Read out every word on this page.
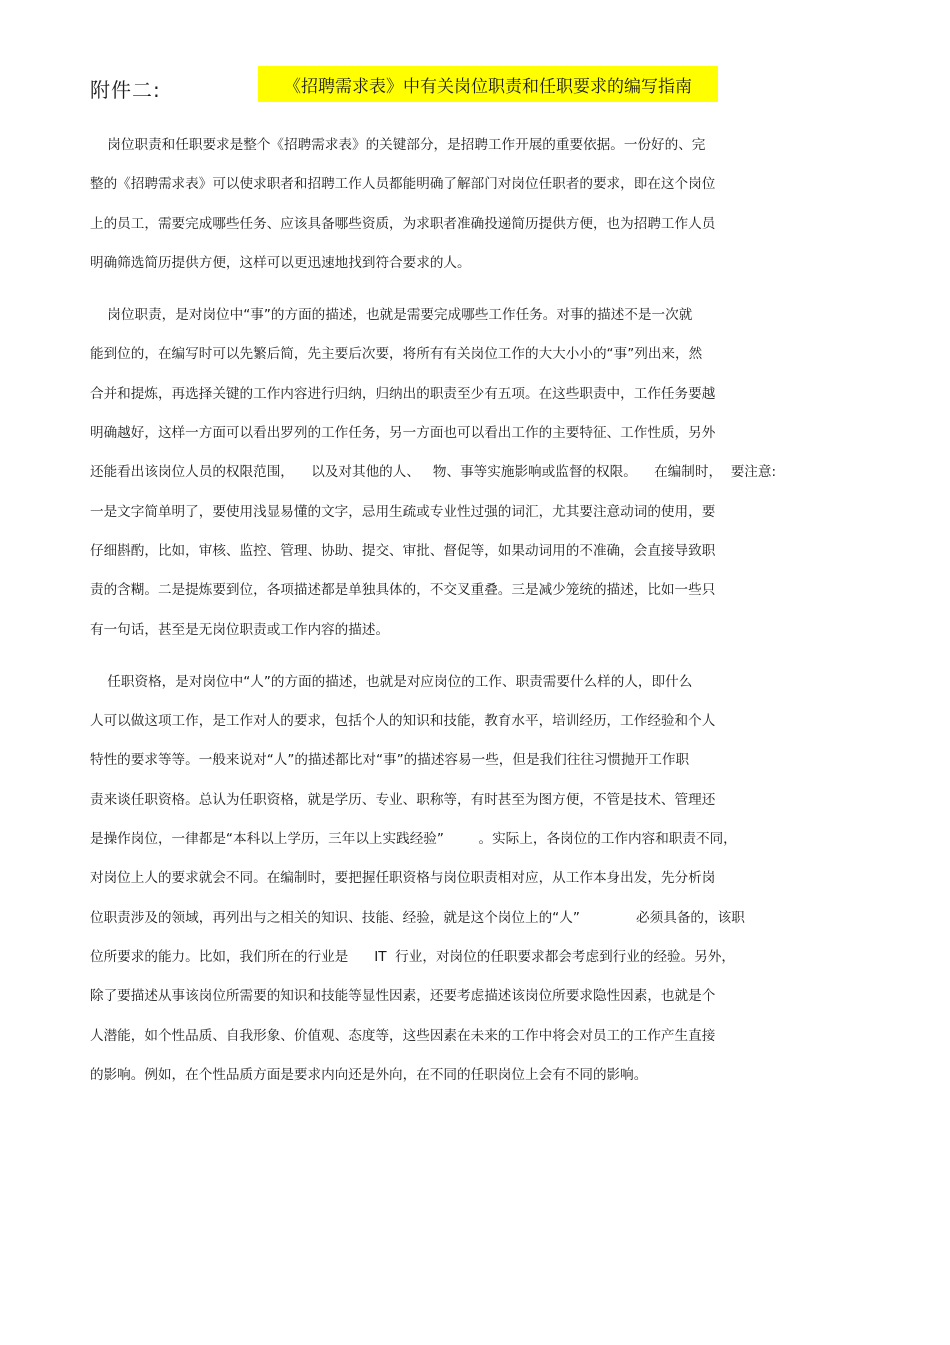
附件二:	《招聘需求表》中有关岗位职责和任职要求的编写指南
岗位职责和任职要求是整个《招聘需求表》的关键部分，是招聘工作开展的重要依据。一份好的、完
整的《招聘需求表》可以使求职者和招聘工作人员都能明确了解部门对岗位任职者的要求，即在这个岗位
上的员工，需要完成哪些任务、应该具备哪些资质，为求职者准确投递简历提供方便，也为招聘工作人员
明确筛选简历提供方便，这样可以更迅速地找到符合要求的人。
岗位职责，是对岗位中“事”的方面的描述，也就是需要完成哪些工作任务。对事的描述不是一次就
能到位的，在编写时可以先繁后简，先主要后次要，将所有有关岗位工作的大大小小的“事”列出来，然
合并和提炼，再选择关键的工作内容进行归纳，归纳出的职责至少有五项。在这些职责中，工作任务要越
明确越好，这样一方面可以看出罗列的工作任务，另一方面也可以看出工作的主要特征、工作性质，另外
还能看出该岗位人员的权限范围，    以及对其他的人、   物、事等实施影响或监督的权限。    在编制时，  要注意:
一是文字简单明了，要使用浅显易懂的文字，忌用生疏或专业性过强的词汇，尤其要注意动词的使用，要
仔细斟酌，比如，审核、监控、管理、协助、提交、审批、督促等，如果动词用的不准确，会直接导致职
责的含糊。二是提炼要到位，各项描述都是单独具体的，不交叉重叠。三是减少笼统的描述，比如一些只
有一句话，甚至是无岗位职责或工作内容的描述。
任职资格，是对岗位中“人”的方面的描述，也就是对应岗位的工作、职责需要什么样的人，即什么
人可以做这项工作，是工作对人的要求，包括个人的知识和技能，教育水平，培训经历，工作经验和个人
特性的要求等等。一般来说对“人”的描述都比对“事”的描述容易一些，但是我们往往习惯抛开工作职
责来谈任职资格。总认为任职资格，就是学历、专业、职称等，有时甚至为图方便，不管是技术、管理还
是操作岗位，一律都是“本科以上学历，三年以上实践经验”        。实际上，各岗位的工作内容和职责不同，
对岗位上人的要求就会不同。在编制时，要把握任职资格与岗位职责相对应，从工作本身出发，先分析岗
位职责涉及的领域，再列出与之相关的知识、技能、经验，就是这个岗位上的“人”             必须具备的，该职
位所要求的能力。比如，我们所在的行业是      IT  行业，对岗位的任职要求都会考虑到行业的经验。另外，
除了要描述从事该岗位所需要的知识和技能等显性因素，还要考虑描述该岗位所要求隐性因素，也就是个
人潜能，如个性品质、自我形象、价值观、态度等，这些因素在未来的工作中将会对员工的工作产生直接
的影响。例如，在个性品质方面是要求内向还是外向，在不同的任职岗位上会有不同的影响。
